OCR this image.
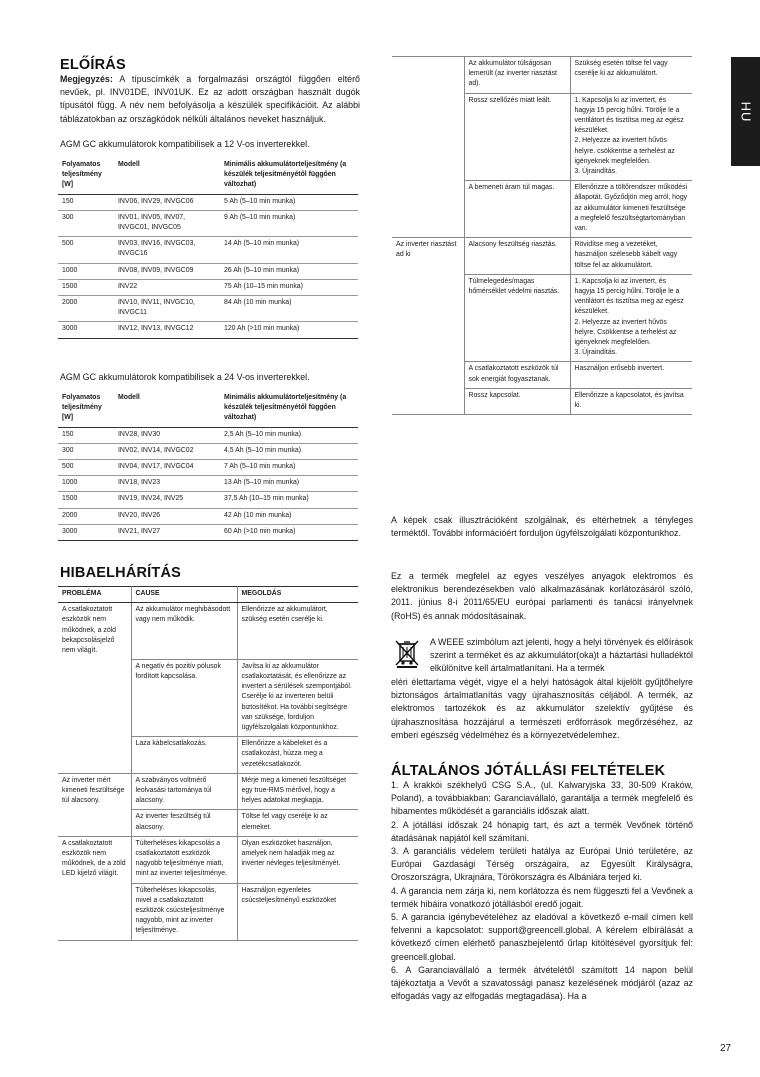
HU
ELŐÍRÁS
Megjegyzés: A típuscímkék a forgalmazási országtól függően eltérő nevűek, pl. INV01DE, INV01UK. Ez az adott országban használt dugók típusától függ. A név nem befolyásolja a készülék specifikációit. Az alábbi táblázatokban az országkódok nélküli általános neveket használjuk.
AGM GC akkumulátorok kompatibilisek a 12 V-os inverterekkel.
Folyamatos teljesítmény [W]	Modell	Minimális akkumulátorteljesítmény (a készülék teljesítményétől függően változhat)
150	INV06, INV29, INVGC06	5 Ah (5–10 min munka)
300	INV01, INV05, INV07, INVGC01, INVGC05	9 Ah (5–10 min munka)
500	INV03, INV16, INVGC03, INVGC16	14 Ah (5–10 min munka)
1000	INV08, INV09, INVGC09	26 Ah (5–10 min munka)
1500	INV22	75 Ah (10–15 min munka)
2000	INV10, INV11, INVGC10, INVGC11	84 Ah (10 min munka)
3000	INV12, INV13, INVGC12	120 Ah (>10 min munka)
AGM GC akkumulátorok kompatibilisek a 24 V-os inverterekkel.
Folyamatos teljesítmény [W]	Modell	Minimális akkumulátorteljesítmény (a készülék teljesítményétől függően változhat)
150	INV28, INV30	2,5 Ah (5–10 min munka)
300	INV02, INV14, INVGC02	4,5 Ah (5–10 min munka)
500	INV04, INV17, INVGC04	7 Ah (5–10 min munka)
1000	INV18, INV23	13 Ah (5–10 min munka)
1500	INV19, INV24, INV25	37,5 Ah (10–15 min munka)
2000	INV20, INV26	42 Ah (10 min munka)
3000	INV21, INV27	60 Ah (>10 min munka)
HIBAELHÁRÍTÁS
PROBLÉMA	CAUSE	MEGOLDÁS
A csatlakoztatott eszközök nem működnek, a zöld bekapcsolásjelző nem világít.	Az akkumulátor meghibásodott vagy nem működik.	Ellenőrizze az akkumulátort, szükség esetén cserélje ki.
	A negatív és pozitív pólusok fordított kapcsolása.	Javítsa ki az akkumulátor csatlakoztatását, és ellenőrizze az invertert a sérülések szempontjából. Cserélje ki az inverteren belüli biztosítékot. Ha további segítségre van szüksége, forduljon ügyfélszolgálati központunkhoz.
	Laza kábelcsatlakozás.	Ellenőrizze a kábeleket és a csatlakozást, húzza meg a vezetékcsatlakozót.
Az inverter mért kimeneti feszültsége túl alacsony.	A szabványos voltmérő leolvasási tartománya túl alacsony.	Mérje meg a kimeneti feszültséget egy true-RMS mérővel, hogy a helyes adatokat megkapja.
	Az inverter feszültség túl alacsony.	Töltse fel vagy cserélje ki az elemeket.
A csatlakoztatott eszközök nem működnek, de a zöld LED kijelző világít.	Túlterheléses kikapcsolás a csatlakoztatott eszközök nagyobb teljesítménye miatt, mint az inverter teljesítménye.	Olyan eszközöket használjon, amelyek nem haladják meg az inverter névleges teljesítményét.
	Túlterheléses kikapcsolás, mivel a csatlakoztatott eszközök csúcsteljesítménye nagyobb, mint az inverter teljesítménye.	Használjon egyenletes csúcsteljesítményű eszközöket
	Az akkumulátor túlságosan lemerült (az inverter riasztást ad).	Szükség esetén töltse fel vagy cserélje ki az akkumulátort.
	Rossz szellőzés miatt leált.	1. Kapcsolja ki az invertert, és hagyja 15 percig hűlni. Törölje le a ventilátort és tisztítsa meg az egész készüléket.
2. Helyezze az invertert hűvös helyre. csökkentse a terhelést az igényeknek megfelelően.
3. Újraindítás.
	A bemeneti áram túl magas.	Ellenőrizze a töltőrendszer működési állapotát. Győződjön meg arról, hogy az akkumulátor kimeneti feszültsége a megfelelő feszültségtartományban van.
Az inverter riasztást ad ki	Alacsony feszültség riasztás.	Rövidítse meg a vezetéket, használjon szélesebb kábelt vagy töltse fel az akkumulátort.
	Túlmelegedés/magas hőmérséklet védelmi riasztás.	1. Kapcsolja ki az invertert, és hagyja 15 percig hűlni. Törölje le a ventilátort és tisztítsa meg az egész készüléket.
2. Helyezze az invertert hűvös helyre. Csökkentse a terhelést az igényeknek megfelelően.
3. Újraindítás.
	A csatlakoztatott eszközök túl sok energiát fogyasztanak.	Használjon erősebb invertert.
	Rossz kapcsolat.	Ellenőrizze a kapcsolatot, és javítsa ki.
A képek csak illusztrációként szolgálnak, és eltérhetnek a tényleges terméktől. További információért forduljon ügyfélszolgálati központunkhoz.
Ez a termék megfelel az egyes veszélyes anyagok elektromos és elektronikus berendezésekben való alkalmazásának korlátozásáról szóló, 2011. június 8-i 2011/65/EU európai parlamenti és tanácsi irányelvnek (RoHS) és annak módosításainak.
A WEEE szimbólum azt jelenti, hogy a helyi törvények és előírások szerint a terméket és az akkumulátor(oka)t a háztartási hulladéktól elkülönítve kell ártalmatlanítani. Ha a termék
eléri élettartama végét, vigye el a helyi hatóságok által kijelölt gyűjtőhelyre biztonságos ártalmatlanítás vagy újrahasznosítás céljából. A termék, az elektromos tartozékok és az akkumulátor szelektív gyűjtése és újrahasznosítása hozzájárul a természeti erőforrások megőrzéséhez, az emberi egészség védelméhez és a környezetvédelemhez.
ÁLTALÁNOS JÓTÁLLÁSI FELTÉTELEK
1. A krakkói székhelyű CSG S.A., (ul. Kalwaryjska 33, 30-509 Kraków, Poland), a továbbiakban: Garanciavállaló, garantálja a termék megfelelő és hibamentes működését a garanciális időszak alatt.
2. A jótállási időszak 24 hónapig tart, és azt a termék Vevőnek történő átadásának napjától kell számítani.
3. A garanciális védelem területi hatálya az Európai Unió területére, az Európai Gazdasági Térség országaira, az Egyesült Királyságra, Oroszországra, Ukrajnára, Törökországra és Albániára terjed ki.
4. A garancia nem zárja ki, nem korlátozza és nem függeszti fel a Vevőnek a termék hibáira vonatkozó jótállásból eredő jogait.
5. A garancia igénybevételéhez az eladóval a következő e-mail címen kell felvenni a kapcsolatot: support@greencell.global. A kérelem elbírálását a következő címen elérhető panaszbejelentő űrlap kitöltésével gyorsítjuk fel: greencell.global.
6. A Garanciavállaló a termék átvételétől számított 14 napon belül tájékoztatja a Vevőt a szavatossági panasz kezelésének módjáról (azaz az elfogadás vagy az elfogadás megtagadása). Ha a
27
